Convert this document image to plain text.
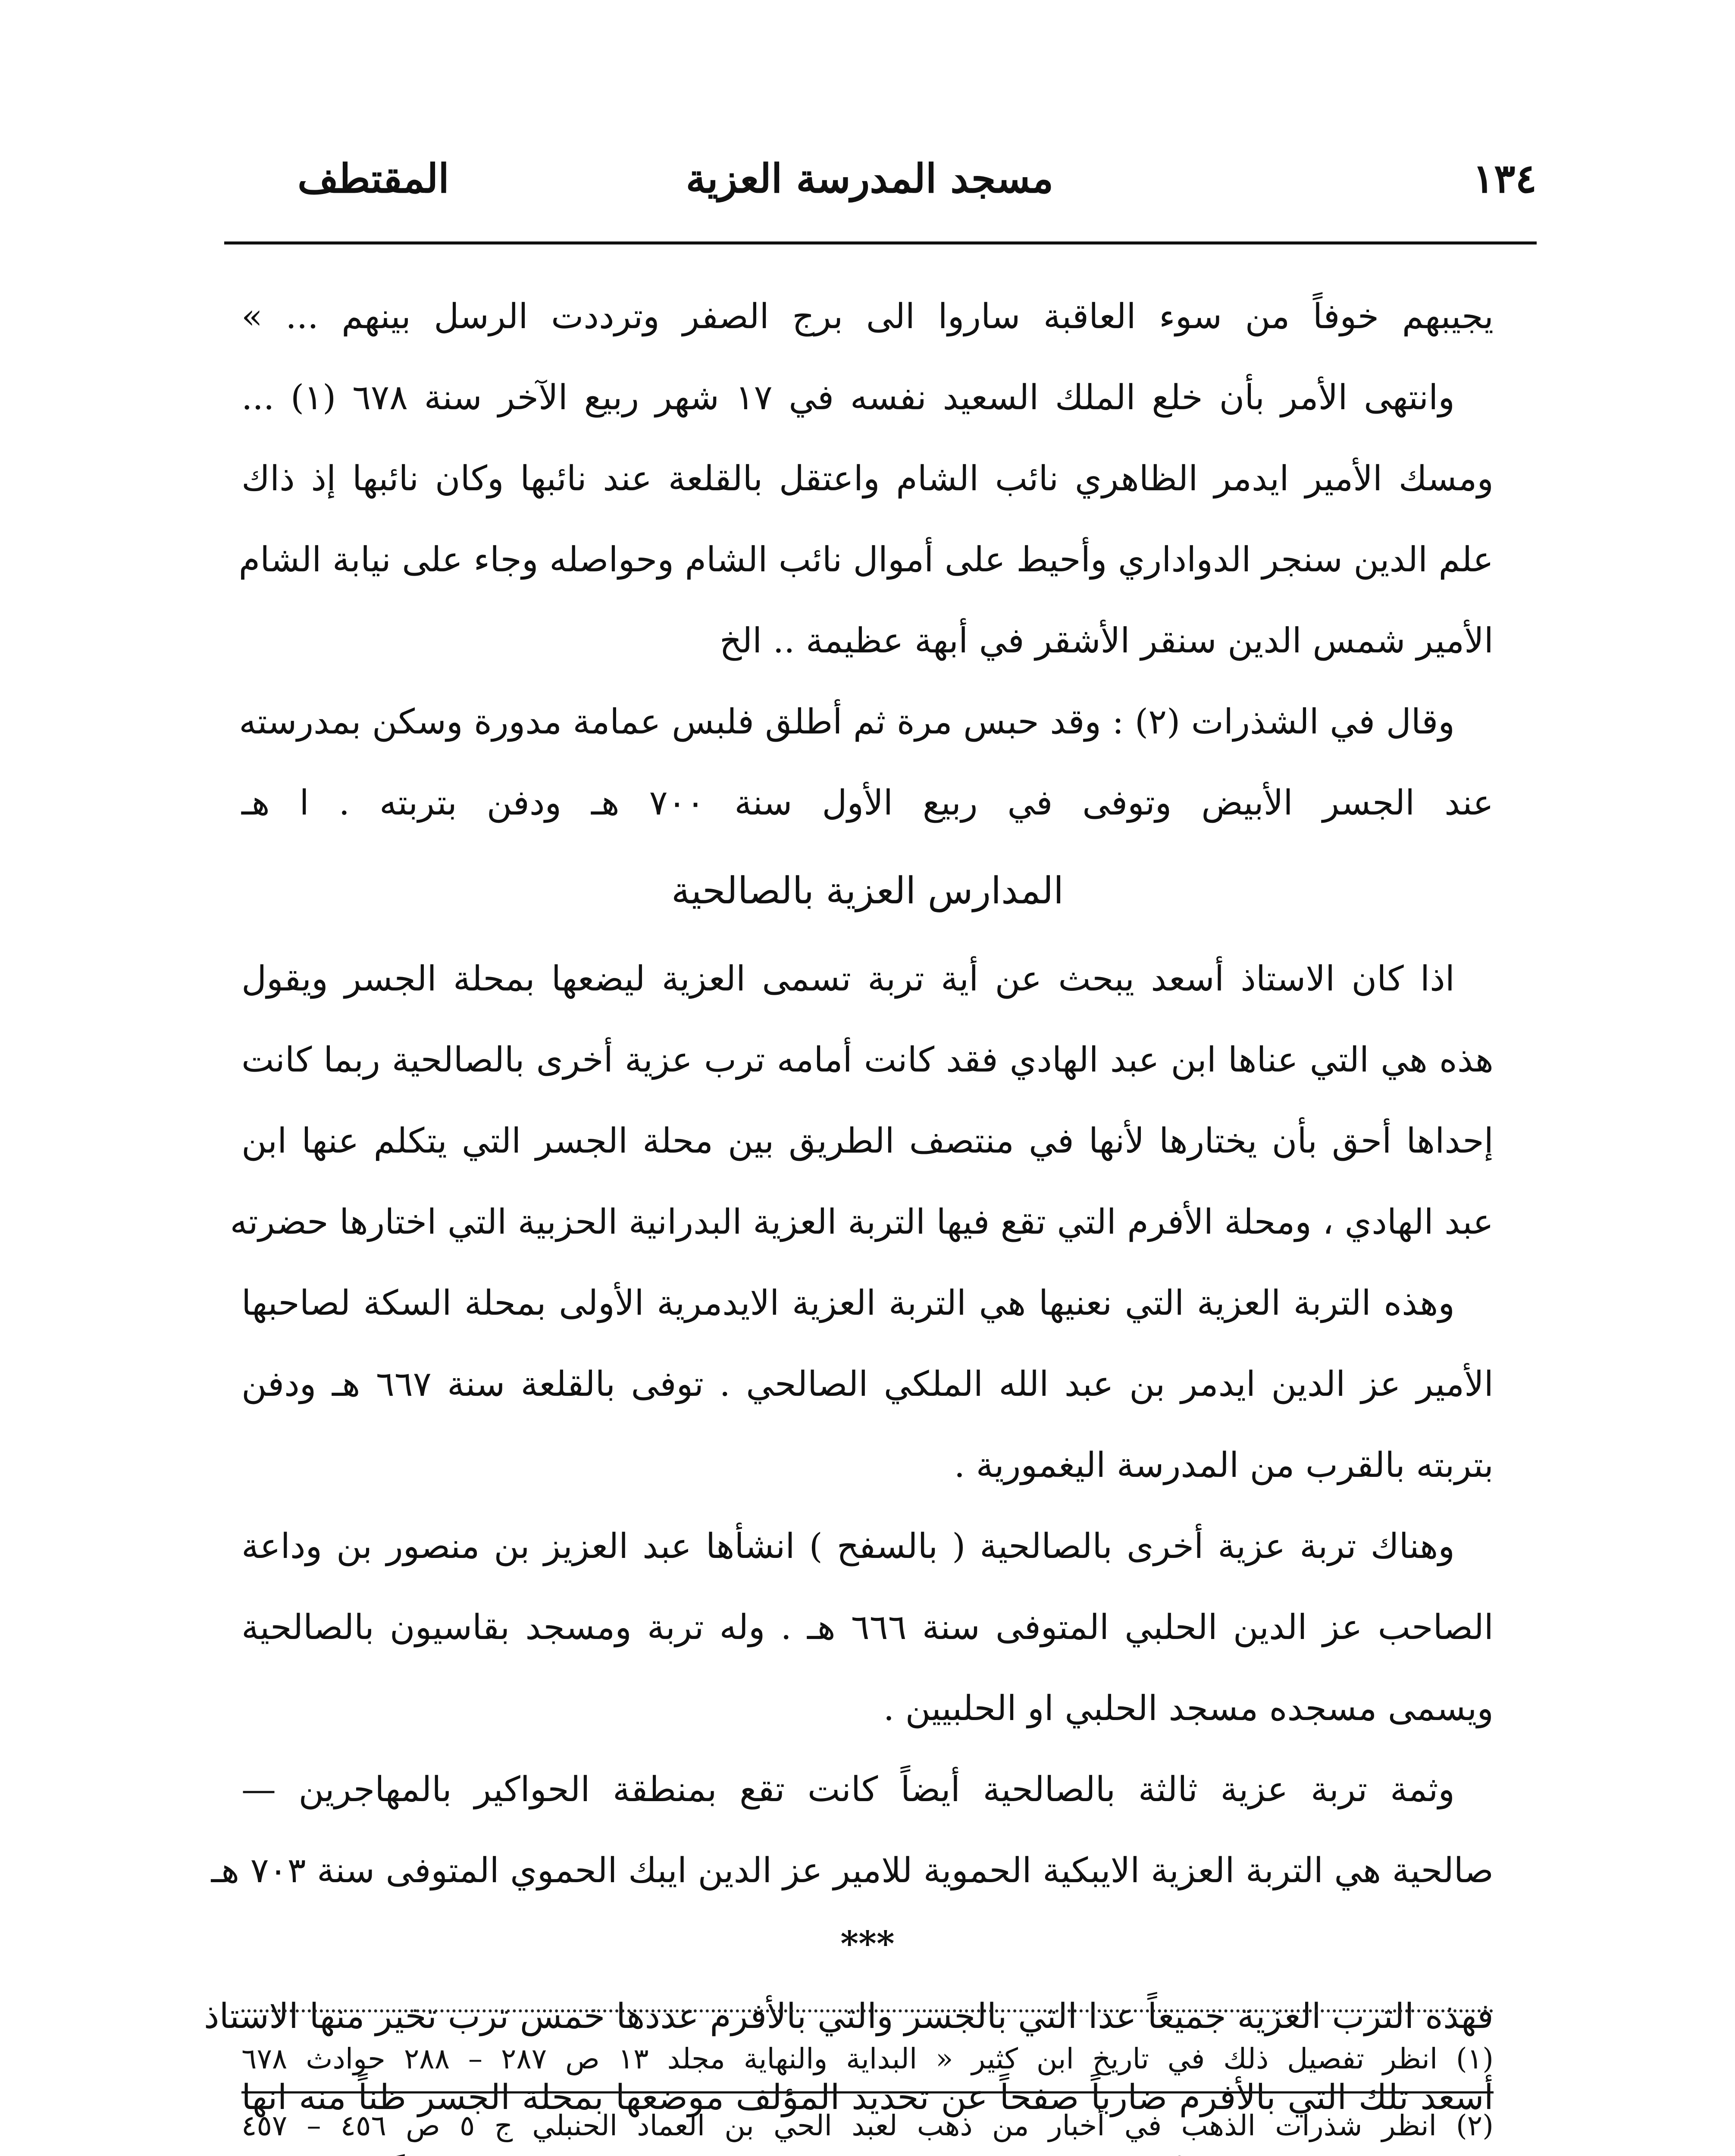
١٣٤
مسجد المدرسة العزية
المقتطف
يجيبهم خوفاً من سوء العاقبة ساروا الى برج الصفر وترددت الرسل بينهم ... »
وانتهى الأمر بأن خلع الملك السعيد نفسه في ١٧ شهر ربيع الآخر سنة ٦٧٨ (١) ...
ومسك الأمير ايدمر الظاهري نائب الشام واعتقل بالقلعة عند نائبها وكان نائبها إذ ذاك
علم الدين سنجر الدواداري وأحيط على أموال نائب الشام وحواصله وجاء على نيابة الشام
الأمير شمس الدين سنقر الأشقر في أبهة عظيمة .. الخ
وقال في الشذرات (٢) : وقد حبس مرة ثم أطلق فلبس عمامة مدورة وسكن بمدرسته
عند الجسر الأبيض وتوفى في ربيع الأول سنة ٧٠٠ هـ ودفن بتربته . ا هـ
المدارس العزية بالصالحية
اذا كان الاستاذ أسعد يبحث عن أية تربة تسمى العزية ليضعها بمحلة الجسر ويقول
هذه هي التي عناها ابن عبد الهادي فقد كانت أمامه ترب عزية أخرى بالصالحية ربما كانت
إحداها أحق بأن يختارها لأنها في منتصف الطريق بين محلة الجسر التي يتكلم عنها ابن
عبد الهادي ، ومحلة الأفرم التي تقع فيها التربة العزية البدرانية الحزبية التي اختارها حضرته
وهذه التربة العزية التي نعنيها هي التربة العزية الايدمرية الأولى بمحلة السكة لصاحبها
الأمير عز الدين ايدمر بن عبد الله الملكي الصالحي . توفى بالقلعة سنة ٦٦٧ هـ ودفن
بتربته بالقرب من المدرسة اليغمورية .
وهناك تربة عزية أخرى بالصالحية ( بالسفح ) انشأها عبد العزيز بن منصور بن وداعة
الصاحب عز الدين الحلبي المتوفى سنة ٦٦٦ هـ . وله تربة ومسجد بقاسيون بالصالحية
ويسمى مسجده مسجد الحلبي او الحلبيين .
وثمة تربة عزية ثالثة بالصالحية أيضاً كانت تقع بمنطقة الحواكير بالمهاجرين —
صالحية هي التربة العزية الايبكية الحموية للامير عز الدين ايبك الحموي المتوفى سنة ٧٠٣ هـ
***
فهذه الترب العزية جميعاً عدا التي بالجسر والتي بالأفرم عددها خمس ترب تخير منها الاستاذ
أسعد تلك التي بالأفرم ضارباً صفحاً عن تحديد المؤلف موضعها بمحلة الجسر ظناً منه انها
(١) انظر تفصيل ذلك في تاريخ ابن كثير « البداية والنهاية مجلد ١٣ ص ٢٨٧ – ٢٨٨ حوادث ٦٧٨
(٢) انظر شذرات الذهب في أخبار من ذهب لعبد الحي بن العماد الحنبلي ج ٥ ص ٤٥٦ – ٤٥٧
